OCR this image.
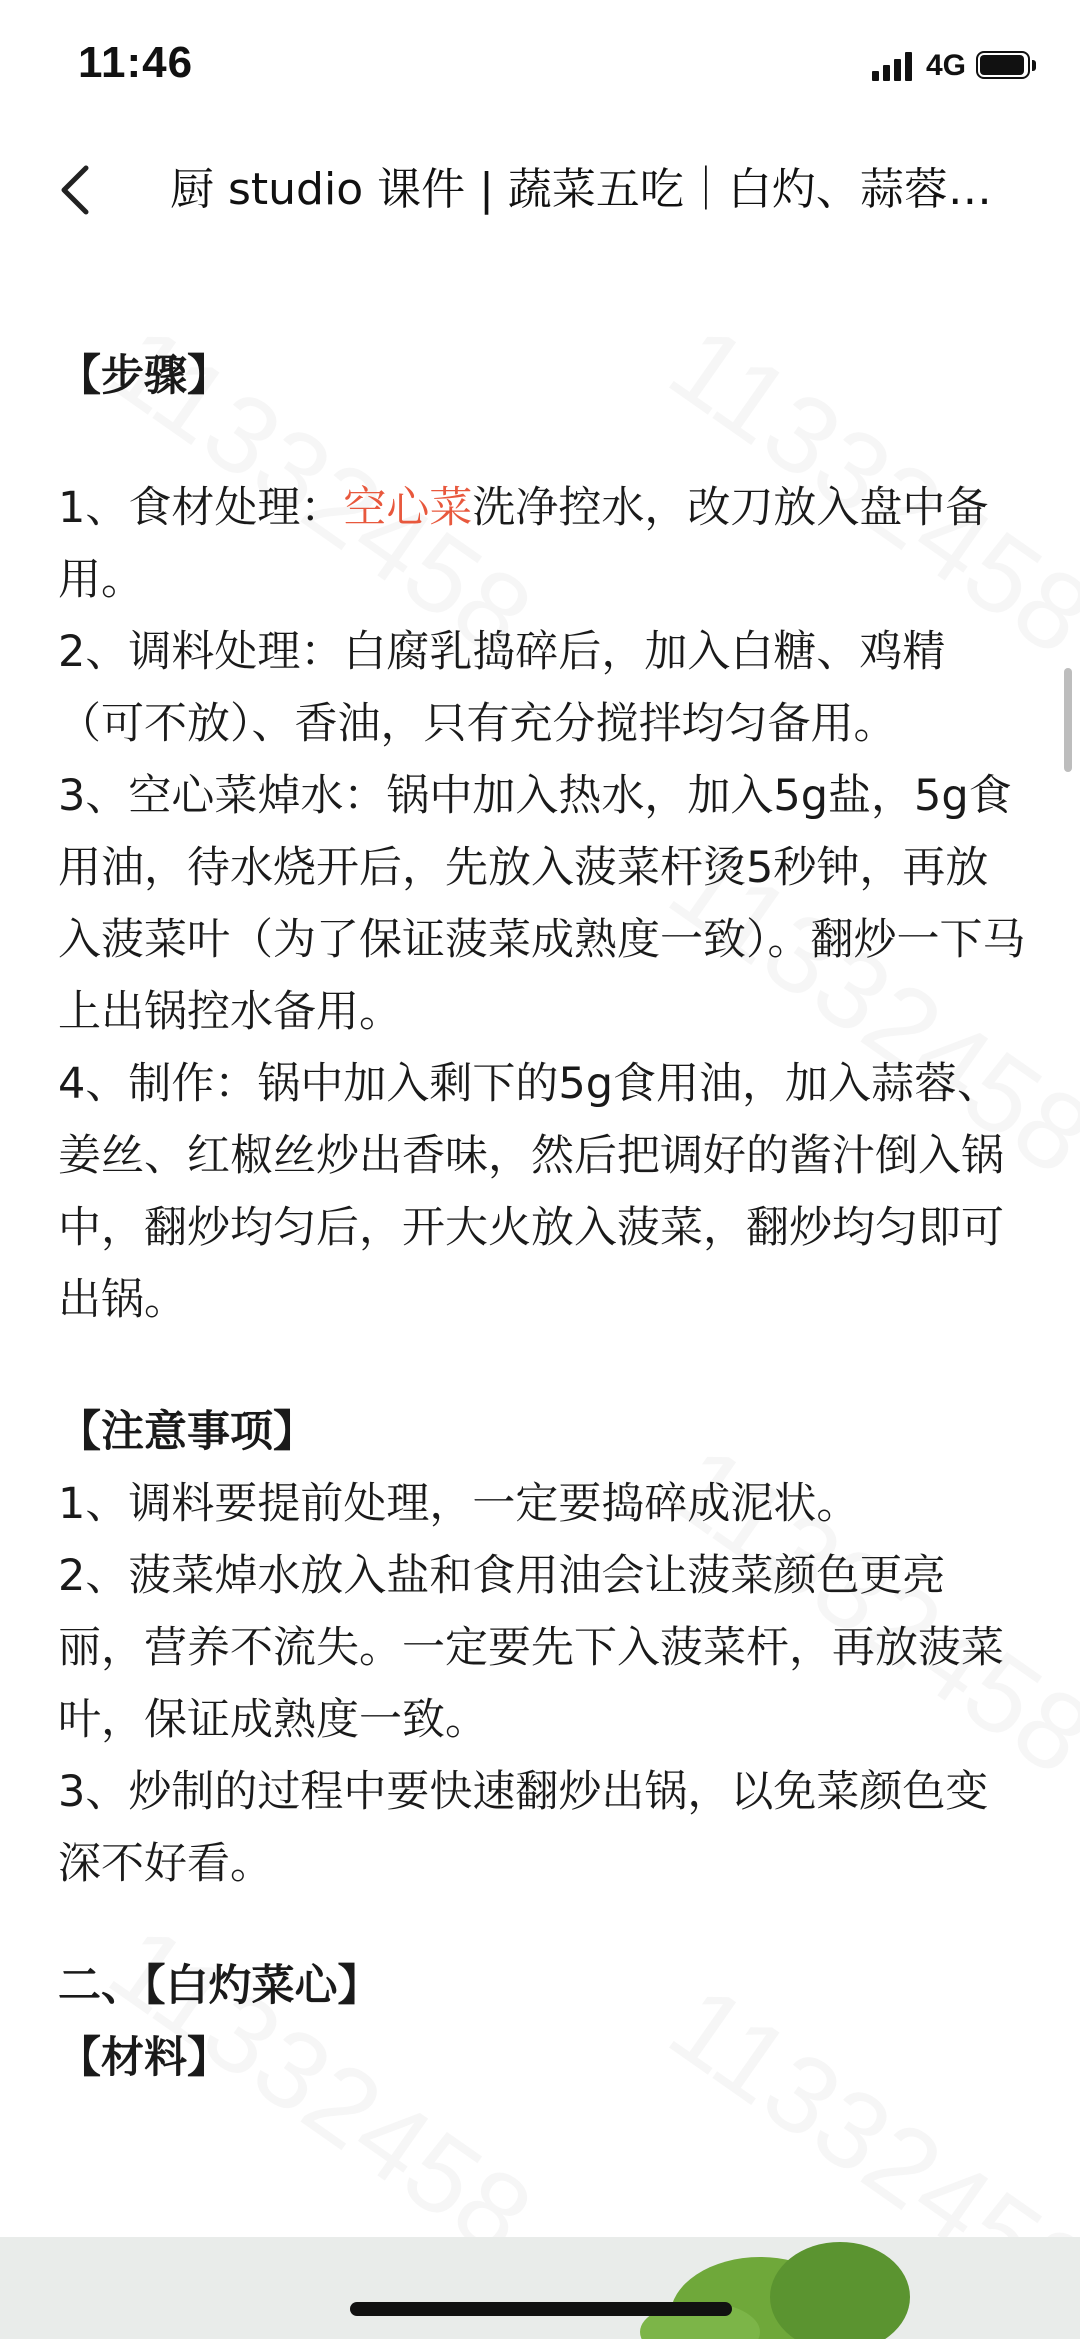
11:46	4G
厨 studio 课件 | 蔬菜五吃｜白灼、蒜蓉…

【步骤】

1、食材处理：空心菜洗净控水，改刀放入盘中备用。

2、调料处理：白腐乳捣碎后，加入白糖、鸡精（可不放）、香油，只有充分搅拌均匀备用。

3、空心菜焯水：锅中加入热水，加入5g盐，5g食用油，待水烧开后，先放入菠菜杆烫5秒钟，再放入菠菜叶（为了保证菠菜成熟度一致）。翻炒一下马上出锅控水备用。

4、制作：锅中加入剩下的5g食用油，加入蒜蓉、姜丝、红椒丝炒出香味，然后把调好的酱汁倒入锅中，翻炒均匀后，开大火放入菠菜，翻炒均匀即可出锅。

【注意事项】

1、调料要提前处理，一定要捣碎成泥状。

2、菠菜焯水放入盐和食用油会让菠菜颜色更亮丽，营养不流失。一定要先下入菠菜杆，再放菠菜叶，保证成熟度一致。

3、炒制的过程中要快速翻炒出锅，以免菜颜色变深不好看。

二、【白灼菜心】

【材料】
